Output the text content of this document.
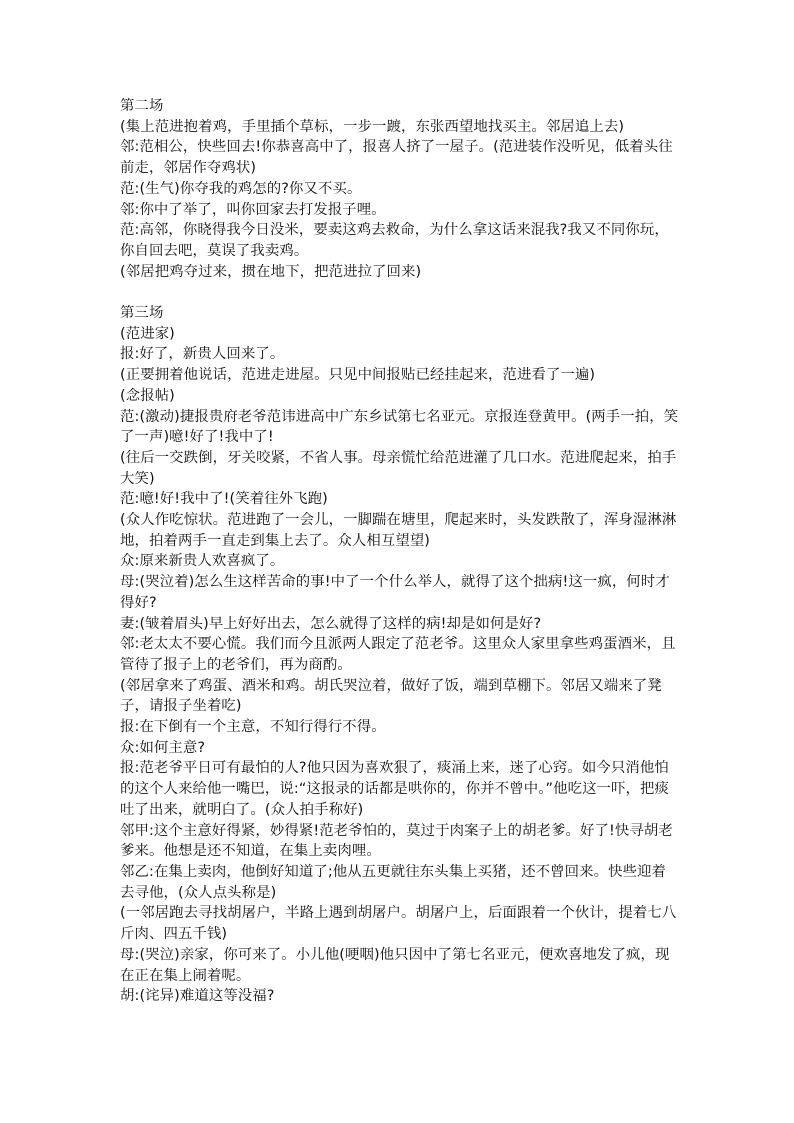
第二场

(集上范进抱着鸡，手里插个草标，一步一踱，东张西望地找买主。邻居追上去)

邻:范相公，快些回去!你恭喜高中了，报喜人挤了一屋子。(范进装作没听见，低着头往前走，邻居作夺鸡状)

范:(生气)你夺我的鸡怎的?你又不买。

邻:你中了举了，叫你回家去打发报子哩。

范:高邻，你晓得我今日没米，要卖这鸡去救命，为什么拿这话来混我?我又不同你玩，你自回去吧，莫误了我卖鸡。

(邻居把鸡夺过来，掼在地下，把范进拉了回来)

第三场

(范进家)

报:好了，新贵人回来了。

(正要拥着他说话，范进走进屋。只见中间报贴已经挂起来，范进看了一遍)

(念报帖)

范:(激动)捷报贵府老爷范讳进高中广东乡试第七名亚元。京报连登黄甲。(两手一拍，笑了一声)噫!好了!我中了!

(往后一交跌倒，牙关咬紧，不省人事。母亲慌忙给范进灌了几口水。范进爬起来，拍手大笑)

范:噫!好!我中了!(笑着往外飞跑)

(众人作吃惊状。范进跑了一会儿，一脚踹在塘里，爬起来时，头发跌散了，浑身湿淋淋地，拍着两手一直走到集上去了。众人相互望望)

众:原来新贵人欢喜疯了。

母:(哭泣着)怎么生这样苦命的事!中了一个什么举人，就得了这个拙病!这一疯，何时才得好?

妻:(皱着眉头)早上好好出去，怎么就得了这样的病!却是如何是好?

邻:老太太不要心慌。我们而今且派两人跟定了范老爷。这里众人家里拿些鸡蛋酒米，且管待了报子上的老爷们，再为商酌。

(邻居拿来了鸡蛋、酒米和鸡。胡氏哭泣着，做好了饭，端到草棚下。邻居又端来了凳子，请报子坐着吃)

报:在下倒有一个主意，不知行得行不得。

众:如何主意?

报:范老爷平日可有最怕的人?他只因为喜欢狠了，痰涌上来，迷了心窍。如今只消他怕的这个人来给他一嘴巴，说:“这报录的话都是哄你的，你并不曾中。”他吃这一吓，把痰吐了出来，就明白了。(众人拍手称好)

邻甲:这个主意好得紧，妙得紧!范老爷怕的，莫过于肉案子上的胡老爹。好了!快寻胡老爹来。他想是还不知道，在集上卖肉哩。

邻乙:在集上卖肉，他倒好知道了;他从五更就往东头集上买猪，还不曾回来。快些迎着去寻他，(众人点头称是)

(一邻居跑去寻找胡屠户，半路上遇到胡屠户。胡屠户上，后面跟着一个伙计，提着七八斤肉、四五千钱)

母:(哭泣)亲家，你可来了。小儿他(哽咽)他只因中了第七名亚元，便欢喜地发了疯，现在正在集上闹着呢。

胡:(诧异)难道这等没福?
